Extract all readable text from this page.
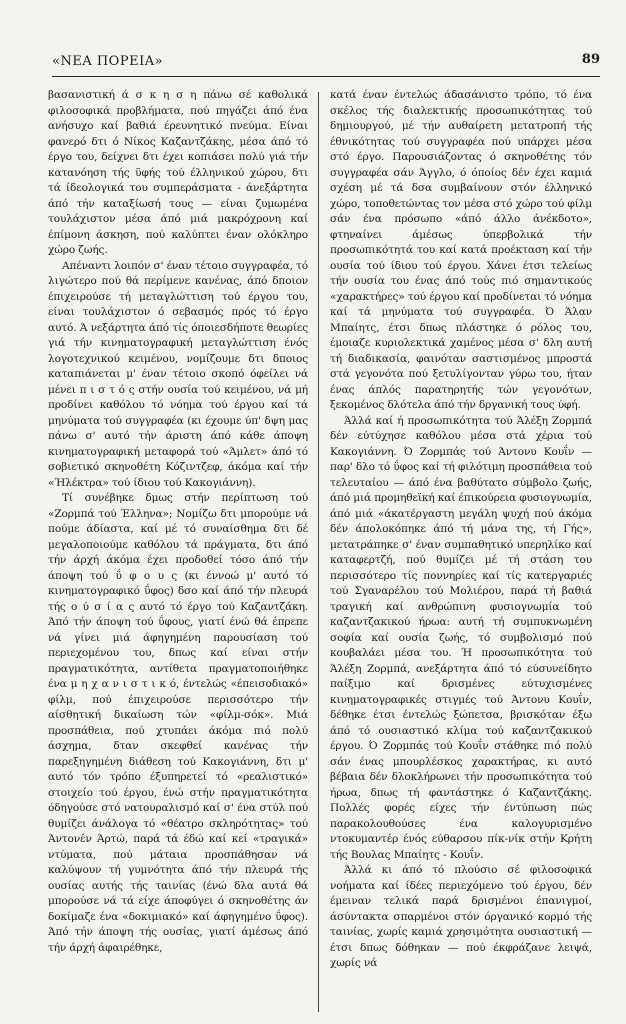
«ΝΕΑ ΠΟΡΕΙΑ»	89

βασανιστική ά σ κ η σ η πάνω σέ καθολικά φιλοσοφικά προβλήματα, πού πηγάζει άπό ένα ανήσυχο καί βαθιά έρευνητικό πνεύμα. Είναι φανερό δτι ό Νίκος Καζαντζάκης, μέσα άπό τό έργο του, δείχνει δτι έχει κοπιάσει πολύ γιά τήν κατανόηση τής ϋφής τού έλληνικού χώρου, δτι τά ίδεολογικά του συμπεράσματα - άνεξάρτητα άπό τήν καταξίωσή τους — είναι ζυμωμένα τουλάχιστον μέσα άπό μιά μακρόχρονη καί έπίμονη άσκηση, πού καλύπτει έναν ολόκληρο χώρο ζωής.

Απέναντι λοιπόν σ' έναν τέτοιο συγγραφέα, τό λιγώτερο πού θά περίμενε κανένας, άπό δποιον έπιχειρούσε τή μεταγλώττιση τού έργου του, είναι τουλάχιστον ό σεβασμός πρός τό έργο αυτό. Ά νεξάρτητα άπό τίς όποιεσδήποτε θεωρίες γιά τήν κινηματογραφική μεταγλώττιση ένός λογοτεχνικού κειμένου, νομίζουμε δτι δποιος καταπιάνεται μ' έναν τέτοιο σκοπό όφείλει νά μένει π ι σ τ ό ς στήν ουσία τού κειμένου, νά μή προδίνει καθόλου τό νόημα τού έργου καί τά μηνύματα τού συγγραφέα (κι έχουμε ύπ' δψη μας πάνω σ' αυτό τήν άριστη άπό κάθε άποψη κινηματογραφική μεταφορά τού «Άμλετ» άπό τό σοβιετικό σκηνοθέτη Κόζιντζεφ, άκόμα καί τήν «Ήλέκτρα» τού ίδιου τού Κακογιάννη).

Τί συνέβηκε δμως στήν περίπτωση τού «Ζορμπά τού Έλληνα»; Νομίζω δτι μπορούμε νά πούμε άδίαστα, καί μέ τό συναίσθημα δτι δέ μεγαλοποιούμε καθόλου τά πράγματα, δτι άπό τήν άρχή άκόμα έχει προδοθεί τόσο άπό τήν άποψη τού ΰ φ ο υ ς (κι έννοώ μ' αυτό τό κινηματογραφικό ΰφος) δσο καί άπό τήν πλευρά τής ο ύ σ ί α ς αυτό τό έργο τού Καζαντζάκη. Άπό τήν άποψη τού ΰφους, γιατί ένώ θά έπρεπε νά γίνει μιά άφηγημένη παρουσίαση τού περιεχομένου του, δπως καί είναι στήν πραγματικότητα, αντίθετα πραγματοποιήθηκε ένα μ η χ α ν ι σ τ ι κ ό, έντελώς «έπεισοδιακό» φίλμ, πού έπιχειρούσε περισσότερο τήν αίσθητική δικαίωση τών «φίλμ-σόκ». Μιά προσπάθεια, πού χτυπάει άκόμα πιό πολύ άσχημα, δταν σκεφθεί κανένας τήν παρεξηγημένη διάθεση τού Κακογιάννη, δτι μ' αυτό τόν τρόπο έξυπηρετεί τό «ρεαλιστικό» στοιχείο τού έργου, ένώ στήν πραγματικότητα όδηγούσε στό νατουραλισμό καί σ' ένα στύλ πού θυμίζει άνάλογα τό «θέατρο σκληρότητας» τού Άντονέν Άρτώ, παρά τά έδώ καί κεί «τραγικά» ντύματα, πού μάταια προσπάθησαν νά καλύψουν τή γυμνότητα άπό τήν πλευρά τής ουσίας αυτής τής ταινίας (ένώ δλα αυτά θά μπορούσε νά τά είχε άποφύγει ό σκηνοθέτης άν δοκίμαζε ένα «δοκιμιακό» καί άφηγημένο ΰφος). Άπό τήν άποψη τής ουσίας, γιατί άμέσως άπό τήν άρχή άφαιρέθηκε,

κατά έναν έντελώς άδασάνιστο τρόπο, τό ένα σκέλος τής διαλεκτικής προσωπικότητας τού δημιουργού, μέ τήν αυθαίρετη μετατροπή τής έθνικότητας τού συγγραφέα πού υπάρχει μέσα στό έργο. Παρουσιάζοντας ό σκηνοθέτης τόν συγγραφέα σάν Άγγλο, ό όποίος δέν έχει καμιά σχέση μέ τά δσα συμβαίνουν στόν έλληνικό χώρο, τοποθετώντας τον μέσα στό χώρο τού φίλμ σάν ένα πρόσωπο «άπό άλλο άνέκδοτο», φτηναίνει άμέσως ύπερβολικά τήν προσωπικότητά του καί κατά προέκταση καί τήν ουσία τού ίδιου τού έργου. Χάνει έτσι τελείως τήν ουσία του ένας άπό τούς πιό σημαντικούς «χαρακτήρες» τού έργου καί προδίνεται τό νόημα καί τά μηνύματα τού συγγραφέα. Ό Άλαν Μπαίητς, έτσι δπως πλάστηκε ό ρόλος του, έμοιαζε κυριολεκτικά χαμένος μέσα σ' δλη αυτή τή διαδικασία, φαινόταν σαστισμένος μπροστά στά γεγονότα πού ξετυλίγονταν γύρω του, ήταν ένας άπλός παρατηρητής τών γεγονότων, ξεκομένος δλότελα άπό τήν δργανική τους ύφή.

Άλλά καί ή προσωπικότητα τού Άλέξη Ζορμπά δέν εύτύχησε καθόλου μέσα στά χέρια τού Κακογιάννη. Ό Ζορμπάς τού Άντονυ Κουΐν — παρ' δλο τό ΰφος καί τή φιλότιμη προσπάθεια τού τελευταίου — άπό ένα βαθύτατο σύμβολο ζωής, άπό μιά προμηθεϊκή καί έπικούρεια φυσιογνωμία, άπό μιά «άκατέργαστη μεγάλη ψυχή πού άκόμα δέν άπολοκόπηκε άπό τή μάνα της, τή Γής», μετατράπηκε σ' έναν συμπαθητικό υπερηλίκο καί καταφερτζή, πού θυμίζει μέ τή στάση του περισσότερο τίς ποννηρίες καί τίς κατεργαριές τού Σγαναρέλου τού Μολιέρου, παρά τή βαθιά τραγική καί ανθρώπινη φυσιογνωμία τού καζαντζακικού ήρωα: αυτή τή συμπυκνωμένη σοφία καί ουσία ζωής, τό συμβολισμό πού κουβαλάει μέσα του. Ή προσωπικότητα τού Άλέξη Ζορμπά, ανεξάρτητα άπό τό εύσυνείδητο παίξιμο καί δρισμένες εύτυχισμένες κινηματογραφικές στιγμές τού Άντονυ Κουΐν, δέθηκε έτσι έντελώς ξώπετσα, βρισκόταν έξω άπό τό ουσιαστικό κλίμα τού καζαντζακικού έργου. Ό Ζορμπάς τού Κουΐν στάθηκε πιό πολύ σάν ένας μπουρλέσκος χαρακτήρας, κι αυτό βέβαια δέν δλοκλήρωνει τήν προσωπικότητα τού ήρωα, δπως τή φαντάστηκε ό Καζαντζάκης. Πολλές φορές είχες τήν έντύπωση πώς παρακολουθούσες ένα καλογυρισμένο ντοκυμαντέρ ένός εύθαρσου πίκ-νίκ στήν Κρήτη τής Βουλας Μπαίητς - Κουΐν.

Άλλά κι άπό τό πλούσιο σέ φιλοσοφικά νοήματα καί ίδέες περιεχόμενο τού έργου, δέν έμειναν τελικά παρά δρισμένοι έπανιγμοί, άσύντακτα σπαρμένοι στόν όργανικό κορμό τής ταινίας, χωρίς καμιά χρησιμότητα ουσιαστική — έτσι δπως δόθηκαν — πού έκφράζανε λειψά, χωρίς νά
